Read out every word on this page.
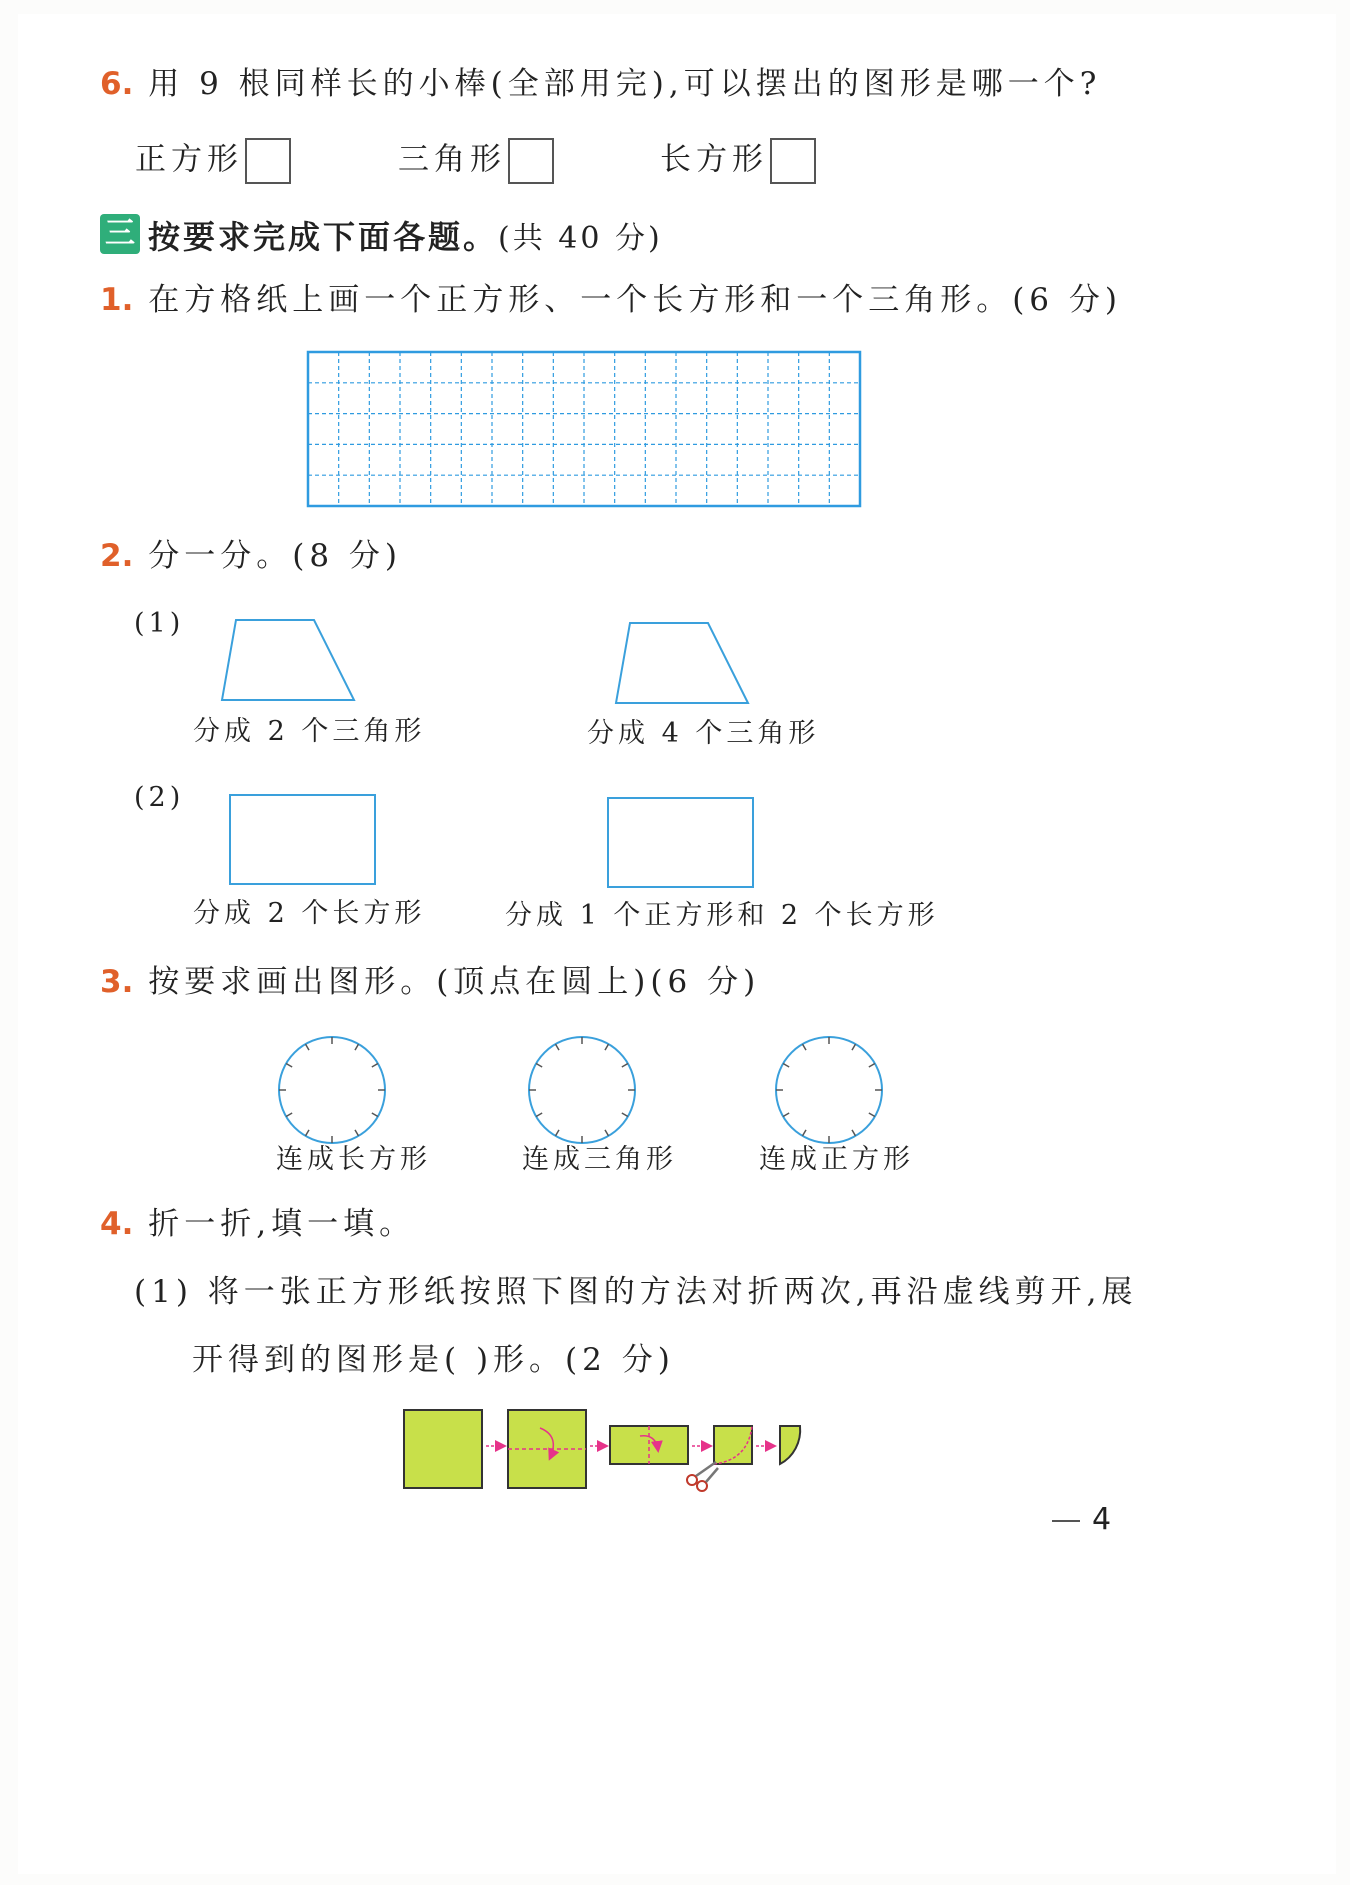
6. 用 9 根同样长的小棒(全部用完),可以摆出的图形是哪一个?
正方形	三角形	长方形
三 按要求完成下面各题。(共 40 分)
1. 在方格纸上画一个正方形、一个长方形和一个三角形。(6 分)
2. 分一分。(8 分)
(1)
分成 2 个三角形	分成 4 个三角形
(2)
分成 2 个长方形	分成 1 个正方形和 2 个长方形
3. 按要求画出图形。(顶点在圆上)(6 分)
连成长方形	连成三角形	连成正方形
4. 折一折,填一填。
(1) 将一张正方形纸按照下图的方法对折两次,再沿虚线剪开,展
开得到的图形是( )形。(2 分)
4
